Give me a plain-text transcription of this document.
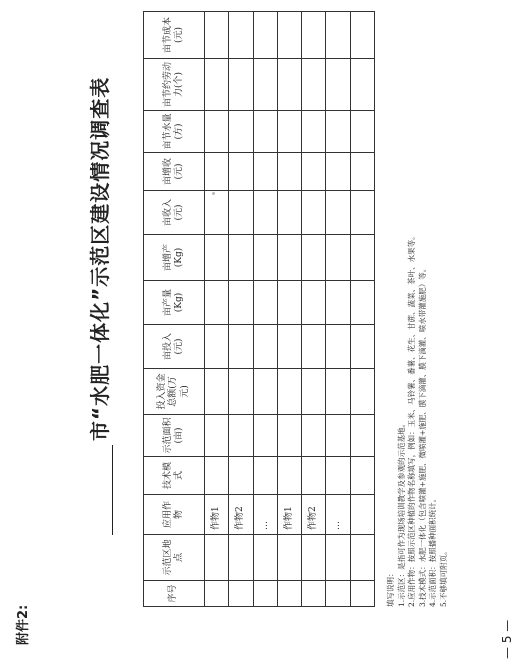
附件2:
市“水肥一体化”示范区建设情况调查表
序号	示范区地点	应用作物	技术模式	示范面积(亩)	投入资金总额(万元)	亩投入(元)	亩产量(Kg)	亩增产(Kg)	亩收入(元)	亩增收(元)	亩节水量(方)	亩节约劳动力(个)	亩节成本(元)
		作物1											
		作物2											
		…											
		作物1											
		作物2											
		…											

填写说明： 1.示范区：是指可作为现场培训教学及参观的示范基地。 2.应用作物：按照示范区种植的作物名称填写，例如：玉米、马铃薯、番薯、花生、甘蔗、蔬菜、茶叶、水果等。 3.技术模式：水肥一体化（包含喷灌+施肥、微喷灌+施肥、膜下滴灌、膜下滴灌、喷水带灌施肥）等。 4.示范面积：按照播种面积统计。 5.不够填可附页。
— 5 —
